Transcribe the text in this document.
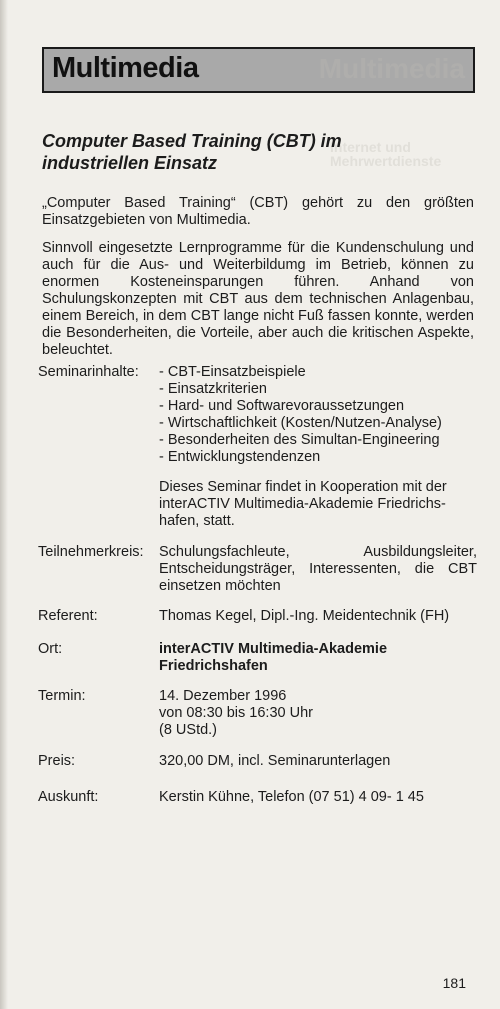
Multimedia	Multimedia
Internet und Mehrwertdienste
Computer Based Training (CBT) im industriellen Einsatz

„Computer Based Training“ (CBT) gehört zu den größten Einsatzgebieten von Multimedia.

Sinnvoll eingesetzte Lernprogramme für die Kundenschulung und auch für die Aus- und Weiterbildumg im Betrieb, können zu enormen Kosteneinsparungen führen. Anhand von Schulungskonzepten mit CBT aus dem technischen Anlagenbau, einem Bereich, in dem CBT lange nicht Fuß fassen konnte, werden die Besonderheiten, die Vorteile, aber auch die kritischen Aspekte, beleuchtet.

Seminarinhalte:
-	CBT-Einsatzbeispiele
- Einsatzkriterien
- Hard- und Softwarevoraussetzungen
- Wirtschaftlichkeit (Kosten/Nutzen-Analyse)
- Besonderheiten des Simultan-Engineering
- Entwicklungstendenzen

Dieses Seminar findet in Kooperation mit der interACTIV Multimedia-Akademie Friedrichs-hafen, statt.

Teilnehmerkreis: Schulungsfachleute, Ausbildungsleiter, Entscheidungsträger, Interessenten, die CBT einsetzen möchten
Referent:	Thomas Kegel, Dipl.-Ing. Meidentechnik (FH)
Ort:	interACTIV Multimedia-Akademie
Friedrichshafen
Termin:	14. Dezember 1996
von 08:30 bis 16:30 Uhr
(8 UStd.)
Preis:	320,00 DM, incl. Seminarunterlagen
Auskunft:	Kerstin Kühne, Telefon (07 51) 4 09- 1 45
181
